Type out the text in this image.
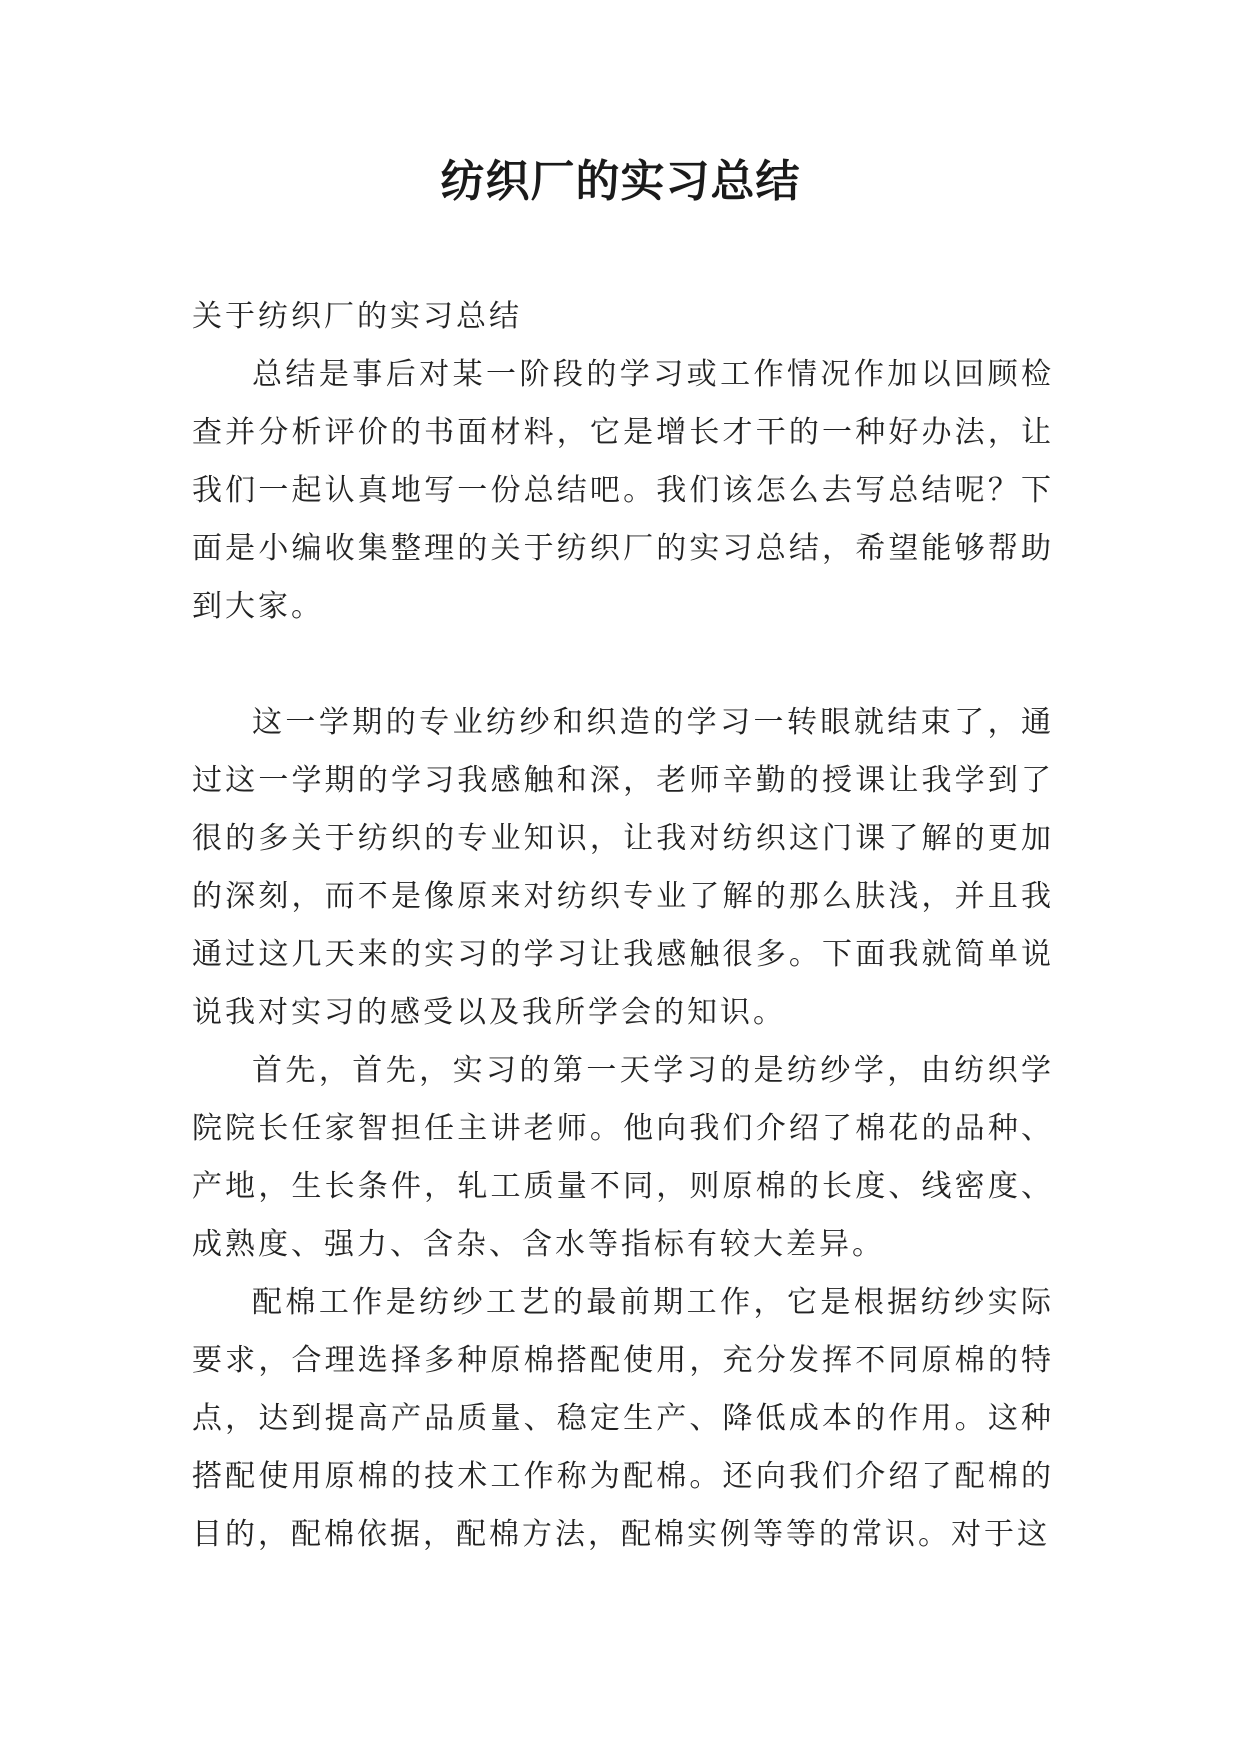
纺织厂的实习总结

关于纺织厂的实习总结

总结是事后对某一阶段的学习或工作情况作加以回顾检查并分析评价的书面材料，它是增长才干的一种好办法，让我们一起认真地写一份总结吧。我们该怎么去写总结呢？下面是小编收集整理的关于纺织厂的实习总结，希望能够帮助到大家。

这一学期的专业纺纱和织造的学习一转眼就结束了，通过这一学期的学习我感触和深，老师辛勤的授课让我学到了很的多关于纺织的专业知识，让我对纺织这门课了解的更加的深刻，而不是像原来对纺织专业了解的那么肤浅，并且我通过这几天来的实习的学习让我感触很多。下面我就简单说说我对实习的感受以及我所学会的知识。

首先，首先，实习的第一天学习的是纺纱学，由纺织学院院长任家智担任主讲老师。他向我们介绍了棉花的品种、产地，生长条件，轧工质量不同，则原棉的长度、线密度、成熟度、强力、含杂、含水等指标有较大差异。

配棉工作是纺纱工艺的最前期工作，它是根据纺纱实际要求，合理选择多种原棉搭配使用，充分发挥不同原棉的特点，达到提高产品质量、稳定生产、降低成本的作用。这种搭配使用原棉的技术工作称为配棉。还向我们介绍了配棉的目的，配棉依据，配棉方法，配棉实例等等的常识。对于这
